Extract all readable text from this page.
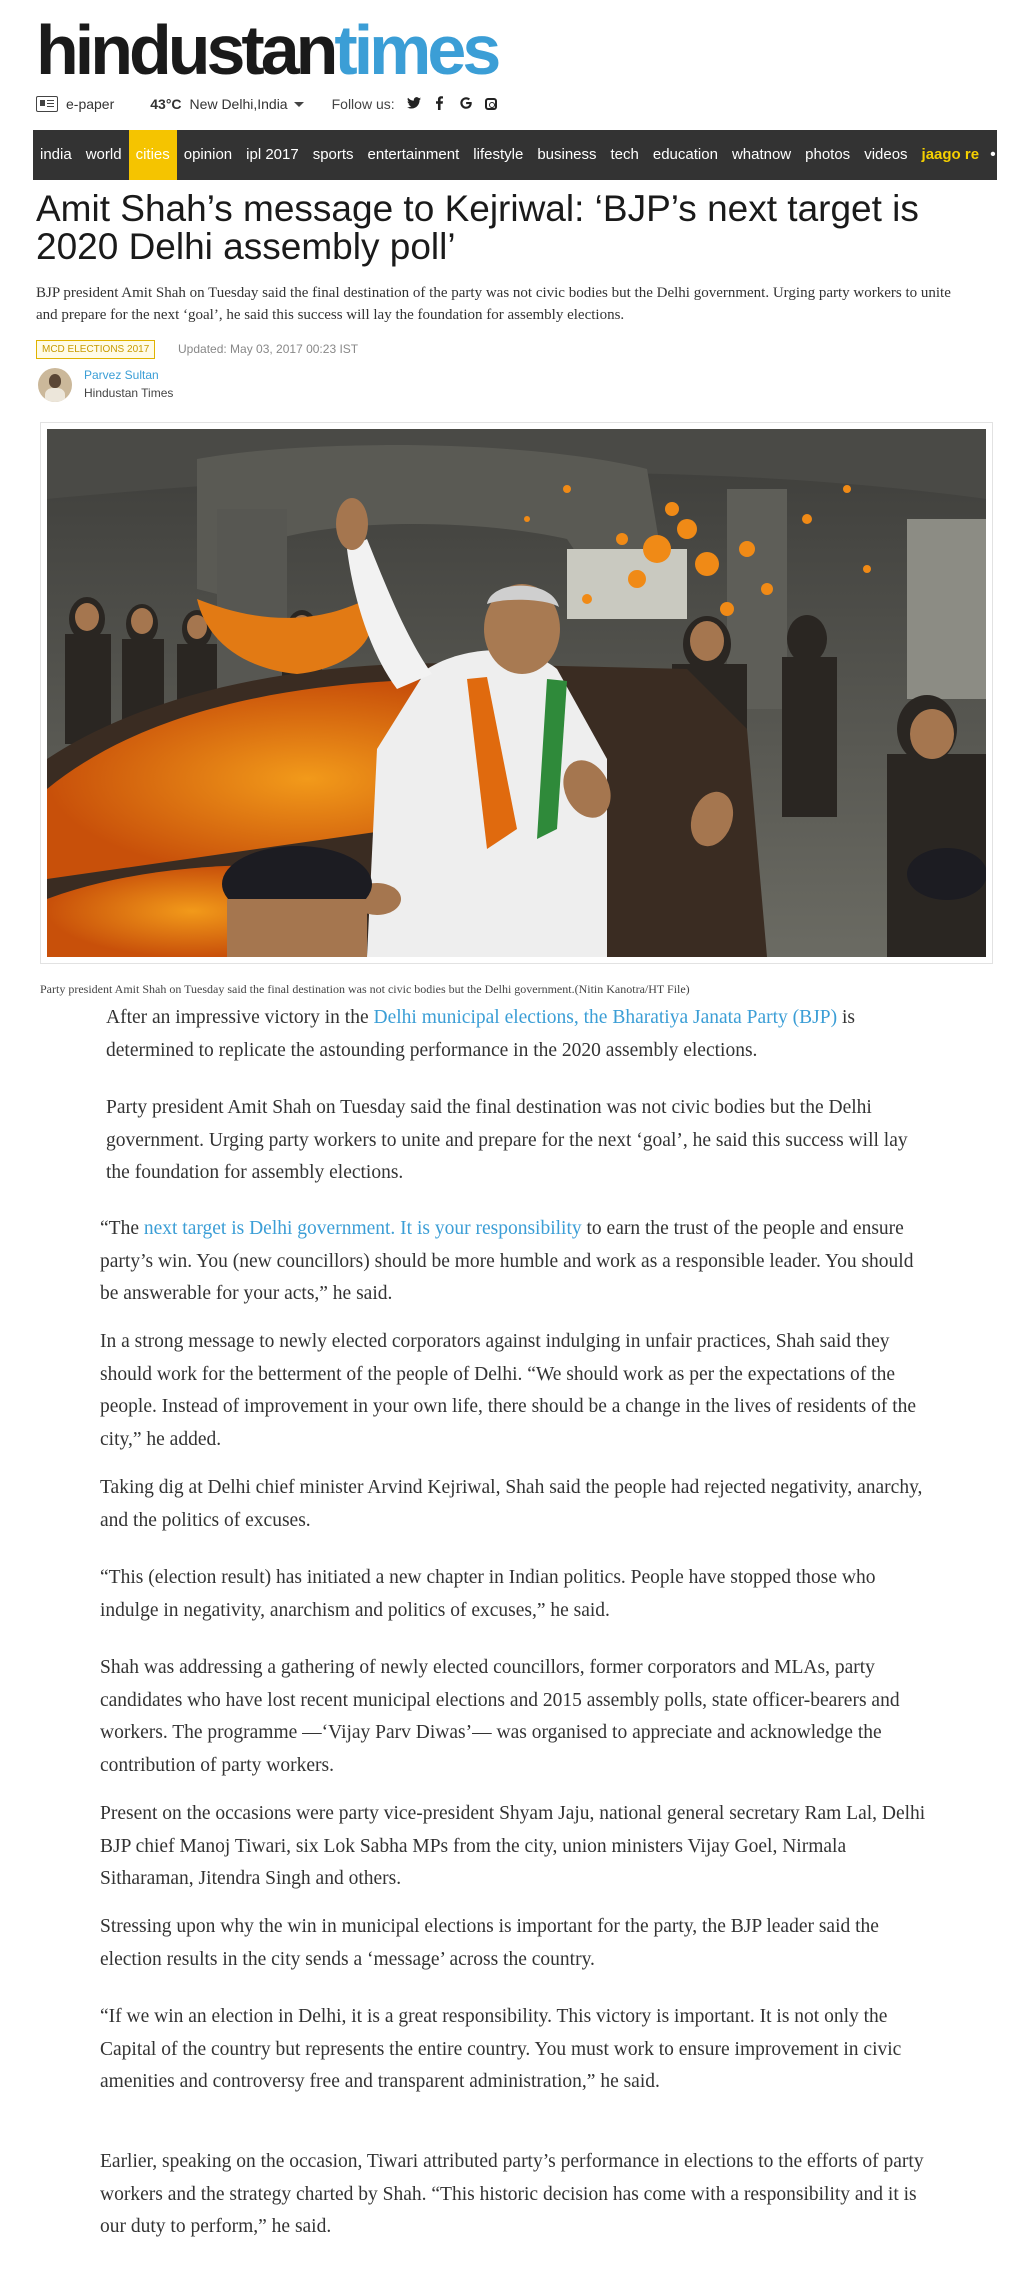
hindustantimes
e-paper	43°C New Delhi,India	Follow us:
india world cities opinion ipl 2017 sports entertainment lifestyle business tech education whatnow photos videos jaago re •••
Amit Shah’s message to Kejriwal: ‘BJP’s next target is 2020 Delhi assembly poll’
BJP president Amit Shah on Tuesday said the final destination of the party was not civic bodies but the Delhi government. Urging party workers to unite and prepare for the next ‘goal’, he said this success will lay the foundation for assembly elections.
MCD ELECTIONS 2017	Updated: May 03, 2017 00:23 IST
Parvez Sultan
Hindustan Times
Party president Amit Shah on Tuesday said the final destination was not civic bodies but the Delhi government.(Nitin Kanotra/HT File)

After an impressive victory in the Delhi municipal elections, the Bharatiya Janata Party (BJP) is determined to replicate the astounding performance in the 2020 assembly elections.

Party president Amit Shah on Tuesday said the final destination was not civic bodies but the Delhi government. Urging party workers to unite and prepare for the next ‘goal’, he said this success will lay the foundation for assembly elections.

“The next target is Delhi government. It is your responsibility to earn the trust of the people and ensure party’s win. You (new councillors) should be more humble and work as a responsible leader. You should be answerable for your acts,” he said.

In a strong message to newly elected corporators against indulging in unfair practices, Shah said they should work for the betterment of the people of Delhi. “We should work as per the expectations of the people. Instead of improvement in your own life, there should be a change in the lives of residents of the city,” he added.

Taking dig at Delhi chief minister Arvind Kejriwal, Shah said the people had rejected negativity, anarchy, and the politics of excuses.

“This (election result) has initiated a new chapter in Indian politics. People have stopped those who indulge in negativity, anarchism and politics of excuses,” he said.

Shah was addressing a gathering of newly elected councillors, former corporators and MLAs, party candidates who have lost recent municipal elections and 2015 assembly polls, state officer-bearers and workers. The programme —‘Vijay Parv Diwas’— was organised to appreciate and acknowledge the contribution of party workers.

Present on the occasions were party vice-president Shyam Jaju, national general secretary Ram Lal, Delhi BJP chief Manoj Tiwari, six Lok Sabha MPs from the city, union ministers Vijay Goel, Nirmala Sitharaman, Jitendra Singh and others.

Stressing upon why the win in municipal elections is important for the party, the BJP leader said the election results in the city sends a ‘message’ across the country.

“If we win an election in Delhi, it is a great responsibility. This victory is important. It is not only the Capital of the country but represents the entire country. You must work to ensure improvement in civic amenities and controversy free and transparent administration,” he said.

Earlier, speaking on the occasion, Tiwari attributed party’s performance in elections to the efforts of party workers and the strategy charted by Shah. “This historic decision has come with a responsibility and it is our duty to perform,” he said.
